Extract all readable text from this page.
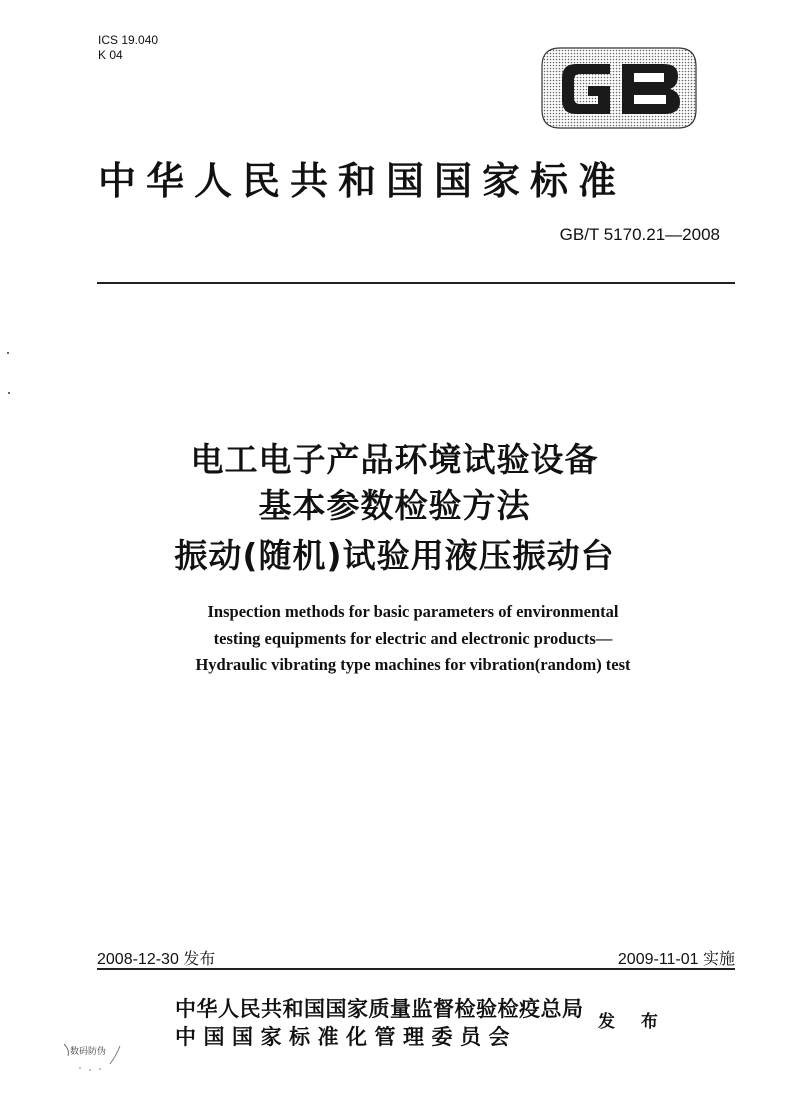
ICS 19.040
K 04
中华人民共和国国家标准
GB/T 5170.21—2008
电工电子产品环境试验设备
基本参数检验方法
振动(随机)试验用液压振动台
Inspection methods for basic parameters of environmental
testing equipments for electric and electronic products—
Hydraulic vibrating type machines for vibration(random) test
2008-12-30 发布	2009-11-01 实施
中华人民共和国国家质量监督检验检疫总局
中国国家标准化管理委员会
发 布
数码防伪
